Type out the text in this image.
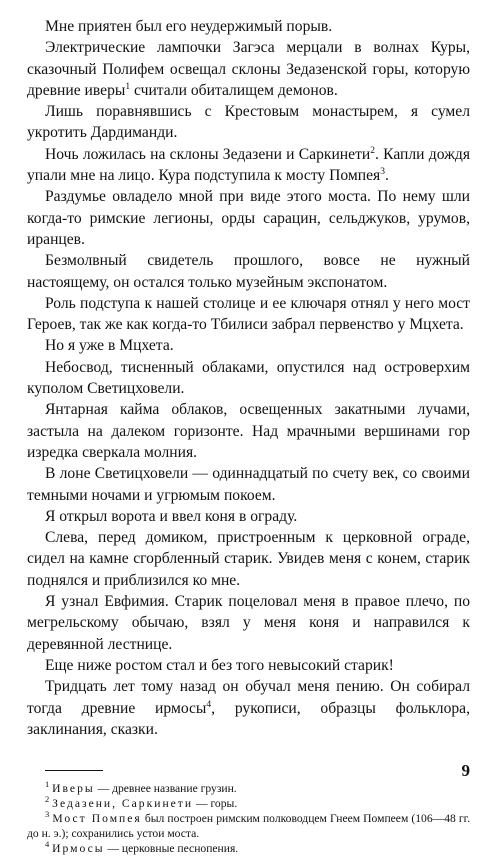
Мне приятен был его неудержимый порыв.

Электрические лампочки Загэса мерцали в волнах Куры, сказочный Полифем освещал склоны Зедазенской горы, которую древние иверы$^1$ считали обиталищем демонов.

Лишь поравнявшись с Крестовым монастырем, я сумел укротить Дардиманди.

Ночь ложилась на склоны Зедазени и Саркинети$^2$. Капли дождя упали мне на лицо. Кура подступила к мосту Помпея$^3$.

Раздумье овладело мной при виде этого моста. По нему шли когда-то римские легионы, орды сарацин, сельджуков, урумов, иранцев.

Безмолвный свидетель прошлого, вовсе не нужный настоящему, он остался только музейным экспонатом.

Роль подступа к нашей столице и ее ключаря отнял у него мост Героев, так же как когда-то Тбилиси забрал первенство у Мцхета.

Но я уже в Мцхета.

Небосвод, тисненный облаками, опустился над островерхим куполом Светицховели.

Янтарная кайма облаков, освещенных закатными лучами, застыла на далеком горизонте. Над мрачными вершинами гор изредка сверкала молния.

В лоне Светицховели — одиннадцатый по счету век, со своими темными ночами и угрюмым покоем.

Я открыл ворота и ввел коня в ограду.

Слева, перед домиком, пристроенным к церковной ограде, сидел на камне сгорбленный старик. Увидев меня с конем, старик поднялся и приблизился ко мне.

Я узнал Евфимия. Старик поцеловал меня в правое плечо, по мегрельскому обычаю, взял у меня коня и направился к деревянной лестнице.

Еще ниже ростом стал и без того невысокий старик!

Тридцать лет тому назад он обучал меня пению. Он собирал тогда древние ирмосы$^4$, рукописи, образцы фольклора, заклинания, сказки.

$^1$ Иверы — древнее название грузин.

$^2$ Зедазени, Саркинети — горы.

$^3$ Мост Помпея был построен римским полководцем Гнеем Помпеем (106—48 гг. до н. э.); сохранились устои моста.

$^4$ Ирмосы — церковные песнопения.

9
